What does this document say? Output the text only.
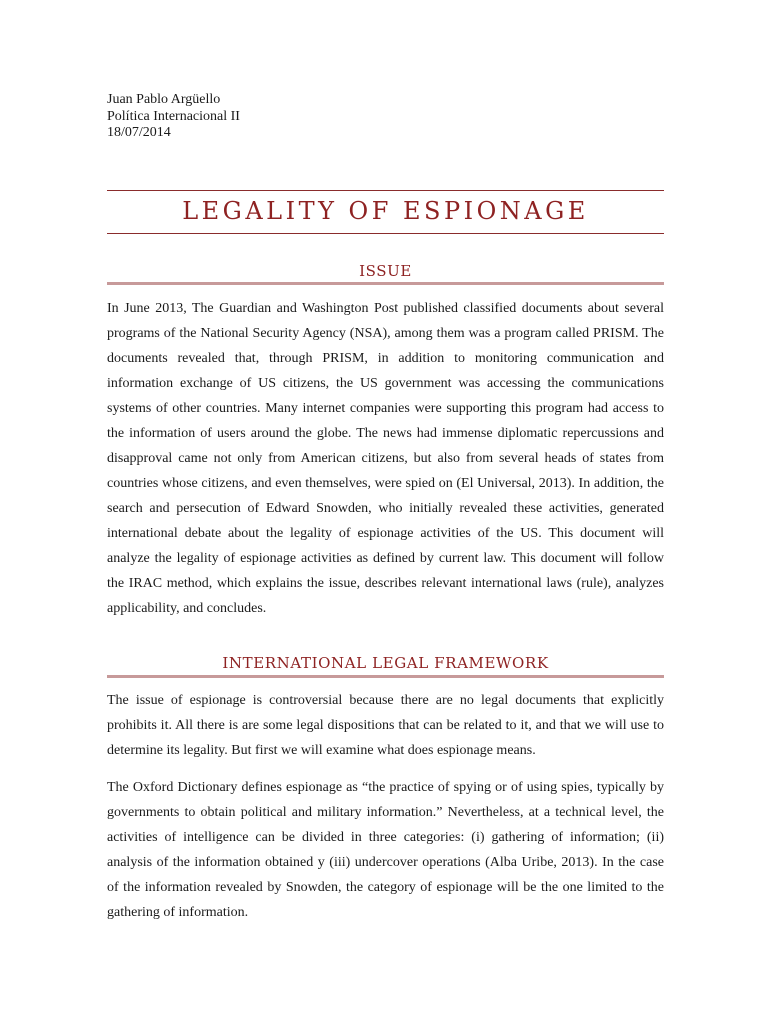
Juan Pablo Argüello
Política Internacional II
18/07/2014
LEGALITY OF ESPIONAGE
ISSUE

In June 2013, The Guardian and Washington Post published classified documents about several programs of the National Security Agency (NSA), among them was a program called PRISM. The documents revealed that, through PRISM, in addition to monitoring communication and information exchange of US citizens, the US government was accessing the communications systems of other countries. Many internet companies were supporting this program had access to the information of users around the globe. The news had immense diplomatic repercussions and disapproval came not only from American citizens, but also from several heads of states from countries whose citizens, and even themselves, were spied on (El Universal, 2013). In addition, the search and persecution of Edward Snowden, who initially revealed these activities, generated international debate about the legality of espionage activities of the US. This document will analyze the legality of espionage activities as defined by current law. This document will follow the IRAC method, which explains the issue, describes relevant international laws (rule), analyzes applicability, and concludes.

INTERNATIONAL LEGAL FRAMEWORK

The issue of espionage is controversial because there are no legal documents that explicitly prohibits it. All there is are some legal dispositions that can be related to it, and that we will use to determine its legality. But first we will examine what does espionage means.

The Oxford Dictionary defines espionage as “the practice of spying or of using spies, typically by governments to obtain political and military information.” Nevertheless, at a technical level, the activities of intelligence can be divided in three categories: (i) gathering of information; (ii) analysis of the information obtained y (iii) undercover operations (Alba Uribe, 2013). In the case of the information revealed by Snowden, the category of espionage will be the one limited to the gathering of information.
